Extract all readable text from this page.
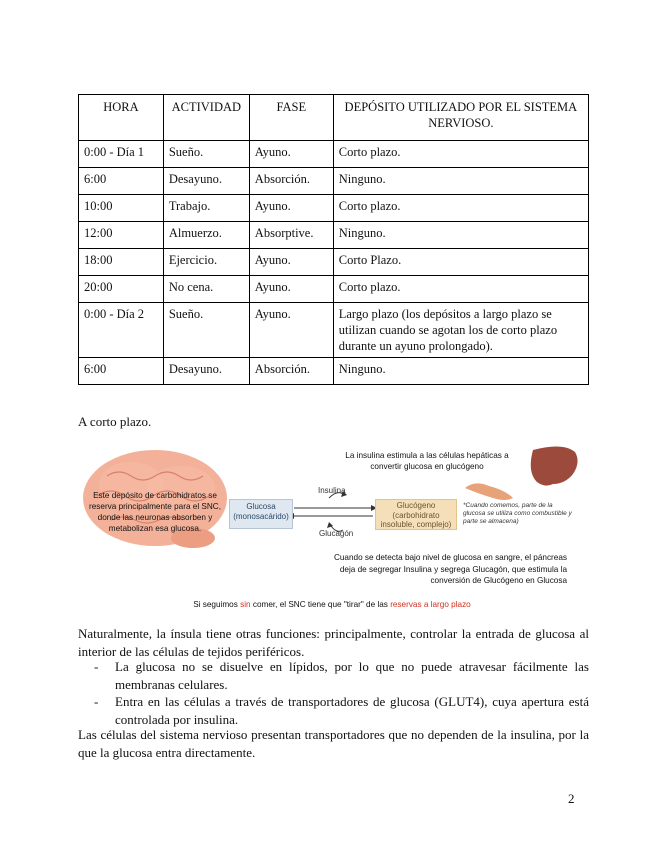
HORA	ACTIVIDAD	FASE	DEPÓSITO UTILIZADO POR EL SISTEMA NERVIOSO.
0:00 - Día 1	Sueño.	Ayuno.	Corto plazo.
6:00	Desayuno.	Absorción.	Ninguno.
10:00	Trabajo.	Ayuno.	Corto plazo.
12:00	Almuerzo.	Absorptive.	Ninguno.
18:00	Ejercicio.	Ayuno.	Corto Plazo.
20:00	No cena.	Ayuno.	Corto plazo.
0:00 - Día 2	Sueño.	Ayuno.	Largo plazo (los depósitos a largo plazo se utilizan cuando se agotan los de corto plazo durante un ayuno prolongado).
6:00	Desayuno.	Absorción.	Ninguno.
A corto plazo.
Este depósito de carbohidratos se reserva principalmente para el SNC, donde las neuronas absorben y metabolizan esa glucosa.
La insulina estimula a las células hepáticas a convertir glucosa en glucógeno
Insulina
Glucagón
Glucosa (monosacárido)
Glucógeno (carbohidrato insoluble, complejo)
*Cuando comemos, parte de la glucosa se utiliza como combustible y parte se almacena)
Cuando se detecta bajo nivel de glucosa en sangre, el páncreas deja de segregar Insulina y segrega Glucagón, que estimula la conversión de Glucógeno en Glucosa
Si seguimos sin comer, el SNC tiene que "tirar" de las reservas a largo plazo
Naturalmente, la ínsula tiene otras funciones: principalmente, controlar la entrada de glucosa al interior de las células de tejidos periféricos.
- La glucosa no se disuelve en lípidos, por lo que no puede atravesar fácilmente las membranas celulares.
- Entra en las células a través de transportadores de glucosa (GLUT4), cuya apertura está controlada por insulina.
Las células del sistema nervioso presentan transportadores que no dependen de la insulina, por la que la glucosa entra directamente.
2
